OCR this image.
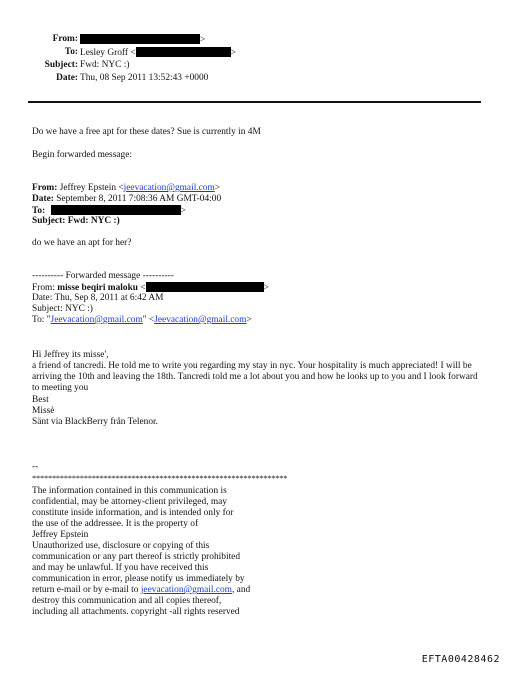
From:	>
To: Lesley Groff <	>
Subject: Fwd: NYC :)
Date: Thu, 08 Sep 2011 13:52:43 +0000
Do we have a free apt for these dates? Sue is currently in 4M
Begin forwarded message:
From: Jeffrey Epstein <jeevacation@gmail.com>
Date: September 8, 2011 7:08:36 AM GMT-04:00
To:	>
Subject: Fwd: NYC :)
do we have an apt for her?
---------- Forwarded message ----------
From: misse beqiri maloku <	>
Date: Thu, Sep 8, 2011 at 6:42 AM
Subject: NYC :)
To: "Jeevacation@gmail.com" <Jeevacation@gmail.com>
Hi Jeffrey its misse',
a friend of tancredi. He told me to write you regarding my stay in nyc. Your hospitality is much appreciated! I will be arriving the 10th and leaving the 18th. Tancredi told me a lot about you and how he looks up to you and I look forward to meeting you
Best
Missè
Sänt via BlackBerry från Telenor.
--
****************************************************************
The information contained in this communication is
confidential, may be attorney-client privileged, may
constitute inside information, and is intended only for
the use of the addressee. It is the property of
Jeffrey Epstein
Unauthorized use, disclosure or copying of this
communication or any part thereof is strictly prohibited
and may be unlawful. If you have received this
communication in error, please notify us immediately by
return e-mail or by e-mail to jeevacation@gmail.com, and
destroy this communication and all copies thereof,
including all attachments. copyright -all rights reserved
EFTA00428462
